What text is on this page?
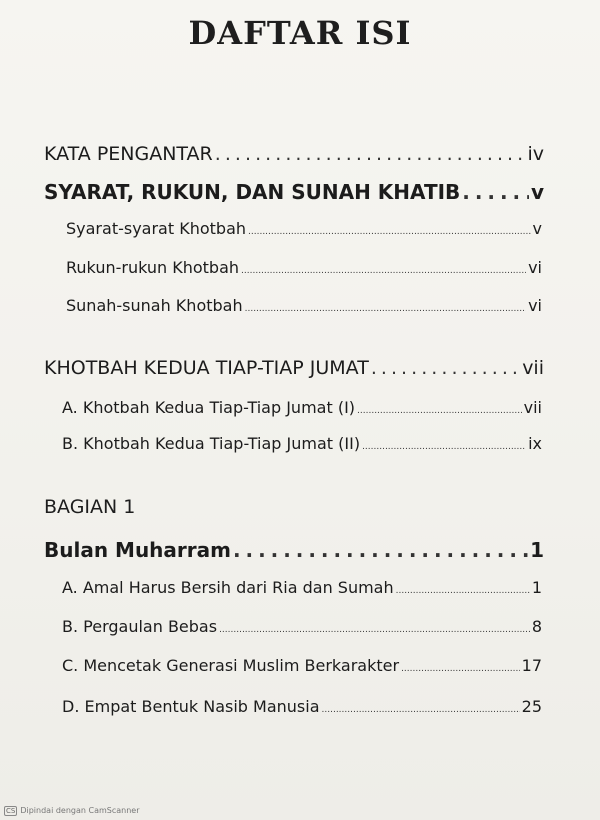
DAFTAR ISI
KATA PENGANTAR . . .	iv
SYARAT, RUKUN, DAN SUNAH KHATIB . . .	v
Syarat-syarat Khotbah .....	v
Rukun-rukun Khotbah .....	vi
Sunah-sunah Khotbah .....	vi
KHOTBAH KEDUA TIAP-TIAP JUMAT . . .	vii
A. Khotbah Kedua Tiap-Tiap Jumat (I) .....	vii
B. Khotbah Kedua Tiap-Tiap Jumat (II) .....	ix
BAGIAN 1
Bulan Muharram . . .	1
A. Amal Harus Bersih dari Ria dan Sumah .....	1
B. Pergaulan Bebas .....	8
C. Mencetak Generasi Muslim Berkarakter .....	17
D. Empat Bentuk Nasib Manusia .....	25
CS Dipindai dengan CamScanner
